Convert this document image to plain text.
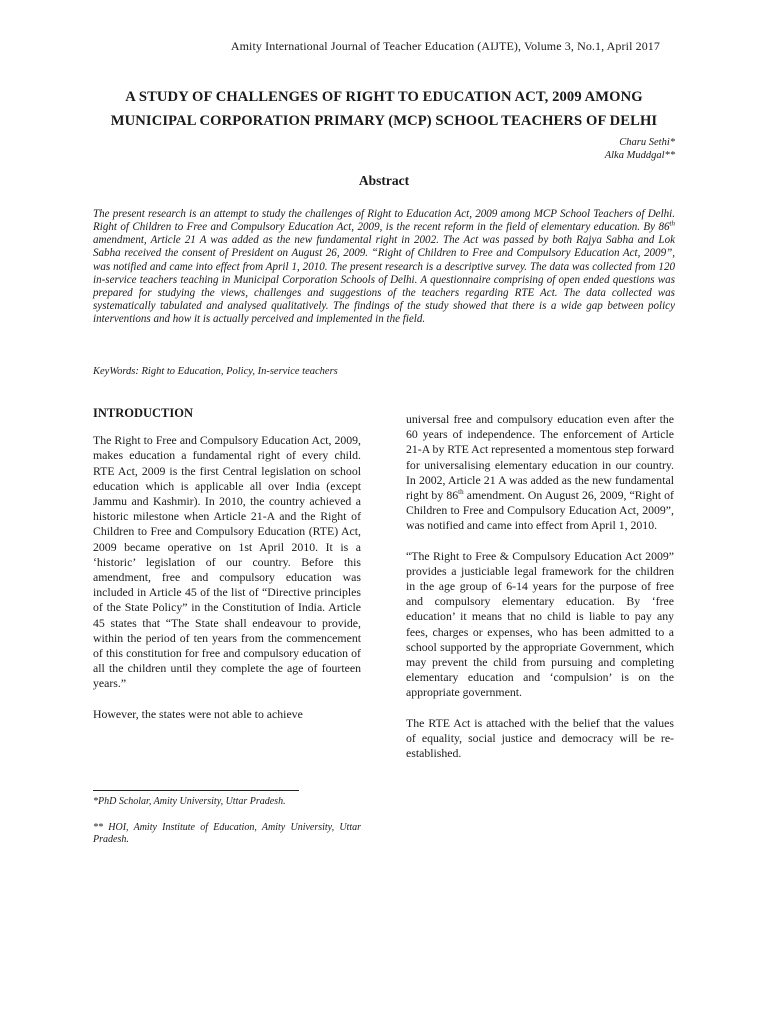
Amity International Journal of Teacher Education (AIJTE), Volume 3, No.1, April 2017
A STUDY OF CHALLENGES OF RIGHT TO EDUCATION ACT, 2009 AMONG
MUNICIPAL CORPORATION PRIMARY (MCP) SCHOOL TEACHERS OF DELHI
Charu Sethi*
Alka Muddgal**
Abstract
The present research is an attempt to study the challenges of Right to Education Act, 2009 among MCP School Teachers of Delhi. Right of Children to Free and Compulsory Education Act, 2009, is the recent reform in the field of elementary education. By 86th amendment, Article 21 A was added as the new fundamental right in 2002. The Act was passed by both Rajya Sabha and Lok Sabha received the consent of President on August 26, 2009. “Right of Children to Free and Compulsory Education Act, 2009”, was notified and came into effect from April 1, 2010. The present research is a descriptive survey. The data was collected from 120 in-service teachers teaching in Municipal Corporation Schools of Delhi. A questionnaire comprising of open ended questions was prepared for studying the views, challenges and suggestions of the teachers regarding RTE Act. The data collected was systematically tabulated and analysed qualitatively. The findings of the study showed that there is a wide gap between policy interventions and how it is actually perceived and implemented in the field.
KeyWords: Right to Education, Policy, In-service teachers
INTRODUCTION

The Right to Free and Compulsory Education Act, 2009, makes education a fundamental right of every child. RTE Act, 2009 is the first Central legislation on school education which is applicable all over India (except Jammu and Kashmir). In 2010, the country achieved a historic milestone when Article 21-A and the Right of Children to Free and Compulsory Education (RTE) Act, 2009 became operative on 1st April 2010. It is a ‘historic’ legislation of our country. Before this amendment, free and compulsory education was included in Article 45 of the list of “Directive principles of the State Policy” in the Constitution of India. Article 45 states that “The State shall endeavour to provide, within the period of ten years from the commencement of this constitution for free and compulsory education of all the children until they complete the age of fourteen years.”

However, the states were not able to achieve

*PhD Scholar, Amity University, Uttar Pradesh.
** HOI, Amity Institute of Education, Amity University, Uttar Pradesh.

universal free and compulsory education even after the 60 years of independence. The enforcement of Article 21-A by RTE Act represented a momentous step forward for universalising elementary education in our country. In 2002, Article 21 A was added as the new fundamental right by 86th amendment. On August 26, 2009, “Right of Children to Free and Compulsory Education Act, 2009”, was notified and came into effect from April 1, 2010.

“The Right to Free & Compulsory Education Act 2009” provides a justiciable legal framework for the children in the age group of 6-14 years for the purpose of free and compulsory elementary education. By ‘free education’ it means that no child is liable to pay any fees, charges or expenses, who has been admitted to a school supported by the appropriate Government, which may prevent the child from pursuing and completing elementary education and ‘compulsion’ is on the appropriate government.

The RTE Act is attached with the belief that the values of equality, social justice and democracy will be re-established.
